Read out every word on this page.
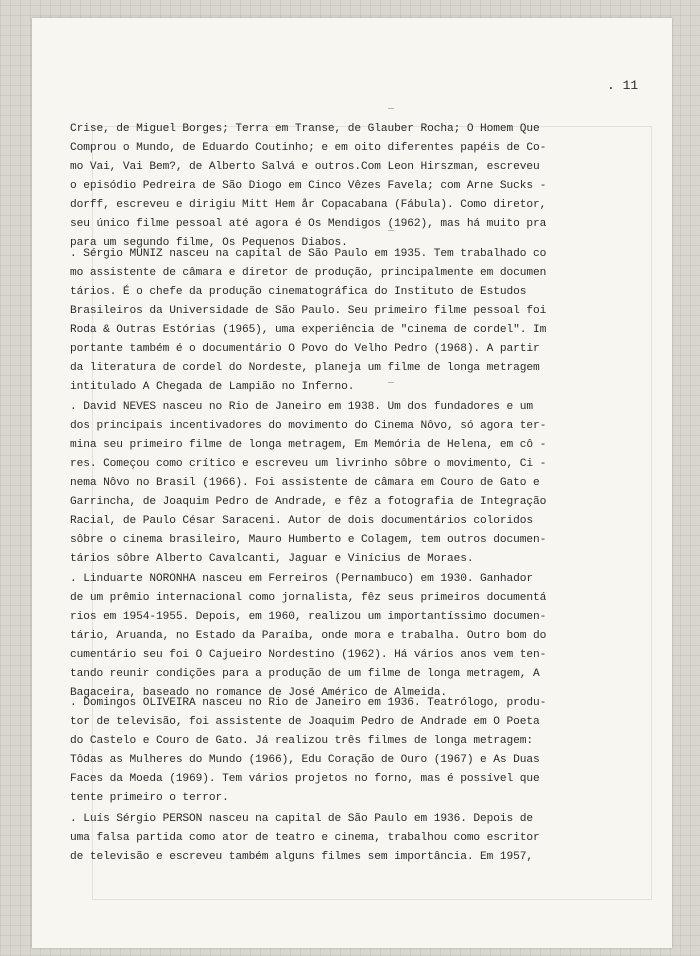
. 11
Crise, de Miguel Borges; Terra em Transe, de Glauber Rocha; O Homem Que
Comprou o Mundo, de Eduardo Coutinho; e em oito diferentes papéis de Co-
mo Vai, Vai Bem?, de Alberto Salvá e outros.Com Leon Hirszman, escreveu
o episódio Pedreira de São Diogo em Cinco Vêzes Favela; com Arne Sucks -
dorff, escreveu e dirigiu Mitt Hem år Copacabana (Fábula). Como diretor,
seu único filme pessoal até agora é Os Mendigos (1962), mas há muito pra
para um segundo filme, Os Pequenos Diabos.
. Sérgio MUNIZ nasceu na capital de São Paulo em 1935. Tem trabalhado co
mo assistente de câmara e diretor de produção, principalmente em documen
tários. É o chefe da produção cinematográfica do Instituto de Estudos
Brasileiros da Universidade de São Paulo. Seu primeiro filme pessoal foi
Roda & Outras Estórias (1965), uma experiência de "cinema de cordel". Im
portante também é o documentário O Povo do Velho Pedro (1968). A partir
da literatura de cordel do Nordeste, planeja um filme de longa metragem
intitulado A Chegada de Lampião no Inferno.
. David NEVES nasceu no Rio de Janeiro em 1938. Um dos fundadores e um
dos principais incentivadores do movimento do Cinema Nôvo, só agora ter-
mina seu primeiro filme de longa metragem, Em Memória de Helena, em cô -
res. Começou como crítico e escreveu um livrinho sôbre o movimento, Ci -
nema Nôvo no Brasil (1966). Foi assistente de câmara em Couro de Gato e
Garrincha, de Joaquim Pedro de Andrade, e fêz a fotografia de Integração
Racial, de Paulo César Saraceni. Autor de dois documentários coloridos
sôbre o cinema brasileiro, Mauro Humberto e Colagem, tem outros documen-
tários sôbre Alberto Cavalcanti, Jaguar e Vinícius de Moraes.
. Linduarte NORONHA nasceu em Ferreiros (Pernambuco) em 1930. Ganhador
de um prêmio internacional como jornalista, fêz seus primeiros documentá
rios em 1954-1955. Depois, em 1960, realizou um importantíssimo documen-
tário, Aruanda, no Estado da Paraíba, onde mora e trabalha. Outro bom do
cumentário seu foi O Cajueiro Nordestino (1962). Há vários anos vem ten-
tando reunir condições para a produção de um filme de longa metragem, A
Bagaceira, baseado no romance de José Américo de Almeida.
. Domingos OLIVEIRA nasceu no Rio de Janeiro em 1936. Teatrólogo, produ-
tor de televisão, foi assistente de Joaquim Pedro de Andrade em O Poeta
do Castelo e Couro de Gato. Já realizou três filmes de longa metragem:
Tôdas as Mulheres do Mundo (1966), Edu Coração de Ouro (1967) e As Duas
Faces da Moeda (1969). Tem vários projetos no forno, mas é possível que
tente primeiro o terror.
. Luís Sérgio PERSON nasceu na capital de São Paulo em 1936. Depois de
uma falsa partida como ator de teatro e cinema, trabalhou como escritor
de televisão e escreveu também alguns filmes sem importância. Em 1957,
